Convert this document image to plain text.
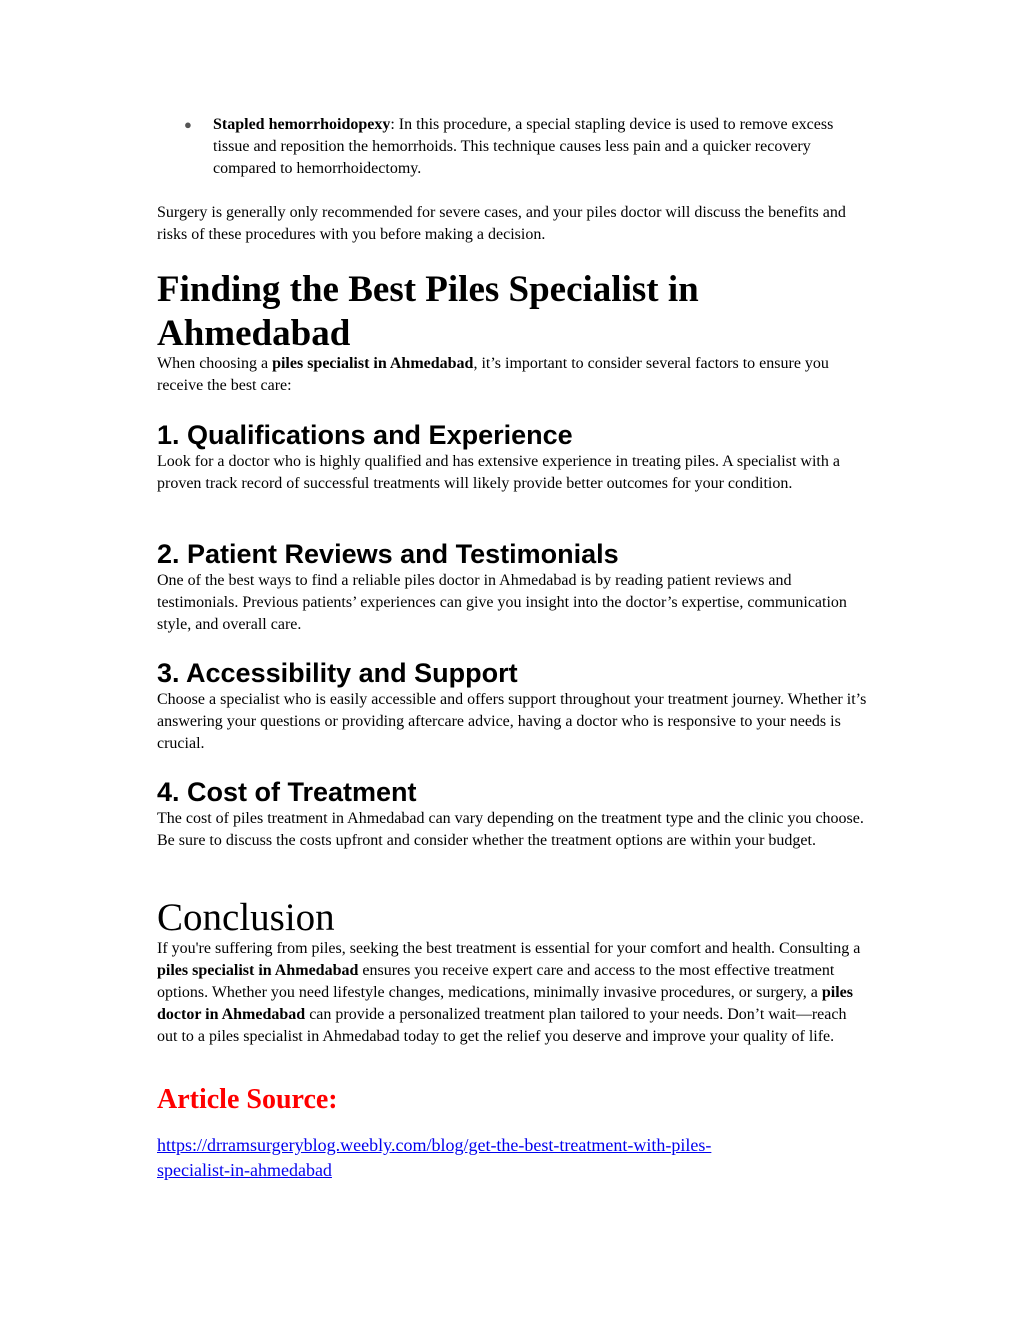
● Stapled hemorrhoidopexy: In this procedure, a special stapling device is used to remove excess tissue and reposition the hemorrhoids. This technique causes less pain and a quicker recovery compared to hemorrhoidectomy.

Surgery is generally only recommended for severe cases, and your piles doctor will discuss the benefits and risks of these procedures with you before making a decision.

Finding the Best Piles Specialist in Ahmedabad

When choosing a piles specialist in Ahmedabad, it’s important to consider several factors to ensure you receive the best care:

1. Qualifications and Experience

Look for a doctor who is highly qualified and has extensive experience in treating piles. A specialist with a proven track record of successful treatments will likely provide better outcomes for your condition.

2. Patient Reviews and Testimonials

One of the best ways to find a reliable piles doctor in Ahmedabad is by reading patient reviews and testimonials. Previous patients’ experiences can give you insight into the doctor’s expertise, communication style, and overall care.

3. Accessibility and Support

Choose a specialist who is easily accessible and offers support throughout your treatment journey. Whether it’s answering your questions or providing aftercare advice, having a doctor who is responsive to your needs is crucial.

4. Cost of Treatment

The cost of piles treatment in Ahmedabad can vary depending on the treatment type and the clinic you choose. Be sure to discuss the costs upfront and consider whether the treatment options are within your budget.

Conclusion

If you're suffering from piles, seeking the best treatment is essential for your comfort and health. Consulting a piles specialist in Ahmedabad ensures you receive expert care and access to the most effective treatment options. Whether you need lifestyle changes, medications, minimally invasive procedures, or surgery, a piles doctor in Ahmedabad can provide a personalized treatment plan tailored to your needs. Don’t wait—reach out to a piles specialist in Ahmedabad today to get the relief you deserve and improve your quality of life.

Article Source:
https://drramsurgeryblog.weebly.com/blog/get-the-best-treatment-with-piles-
specialist-in-ahmedabad
